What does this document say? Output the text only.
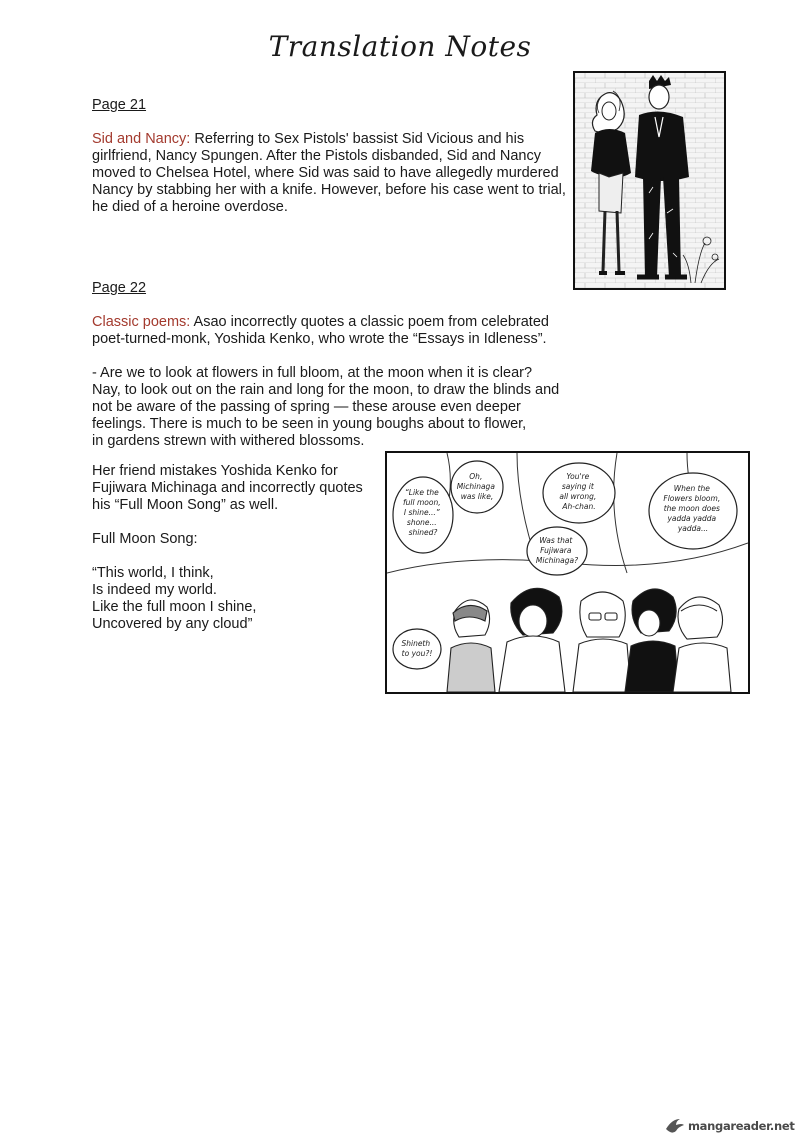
Translation Notes
Page 21
Sid and Nancy: Referring to Sex Pistols' bassist Sid Vicious and his
girlfriend, Nancy Spungen. After the Pistols disbanded, Sid and Nancy
moved to Chelsea Hotel, where Sid was said to have allegedly murdered
Nancy by stabbing her with a knife. However, before his case went to trial,
he died of a heroine overdose.
Page 22
Classic poems: Asao incorrectly quotes a classic poem from celebrated
poet-turned-monk, Yoshida Kenko, who wrote the “Essays in Idleness”.
- Are we to look at flowers in full bloom, at the moon when it is clear?
Nay, to look out on the rain and long for the moon, to draw the blinds and
not be aware of the passing of spring — these arouse even deeper
feelings. There is much to be seen in young boughs about to flower,
in gardens strewn with withered blossoms.
Her friend mistakes Yoshida Kenko for
Fujiwara Michinaga and incorrectly quotes
his “Full Moon Song” as well.
Full Moon Song:
“This world, I think,
Is indeed my world.
Like the full moon I shine,
Uncovered by any cloud”
“Like the full moon, I shine...” shone... shined?
Oh, Michinaga was like,
You're saying it all wrong, Ah-chan.
Was that Fujiwara Michinaga?
When the Flowers bloom, the moon does yadda yadda yadda...
Shineth to you?!
mangareader.net
